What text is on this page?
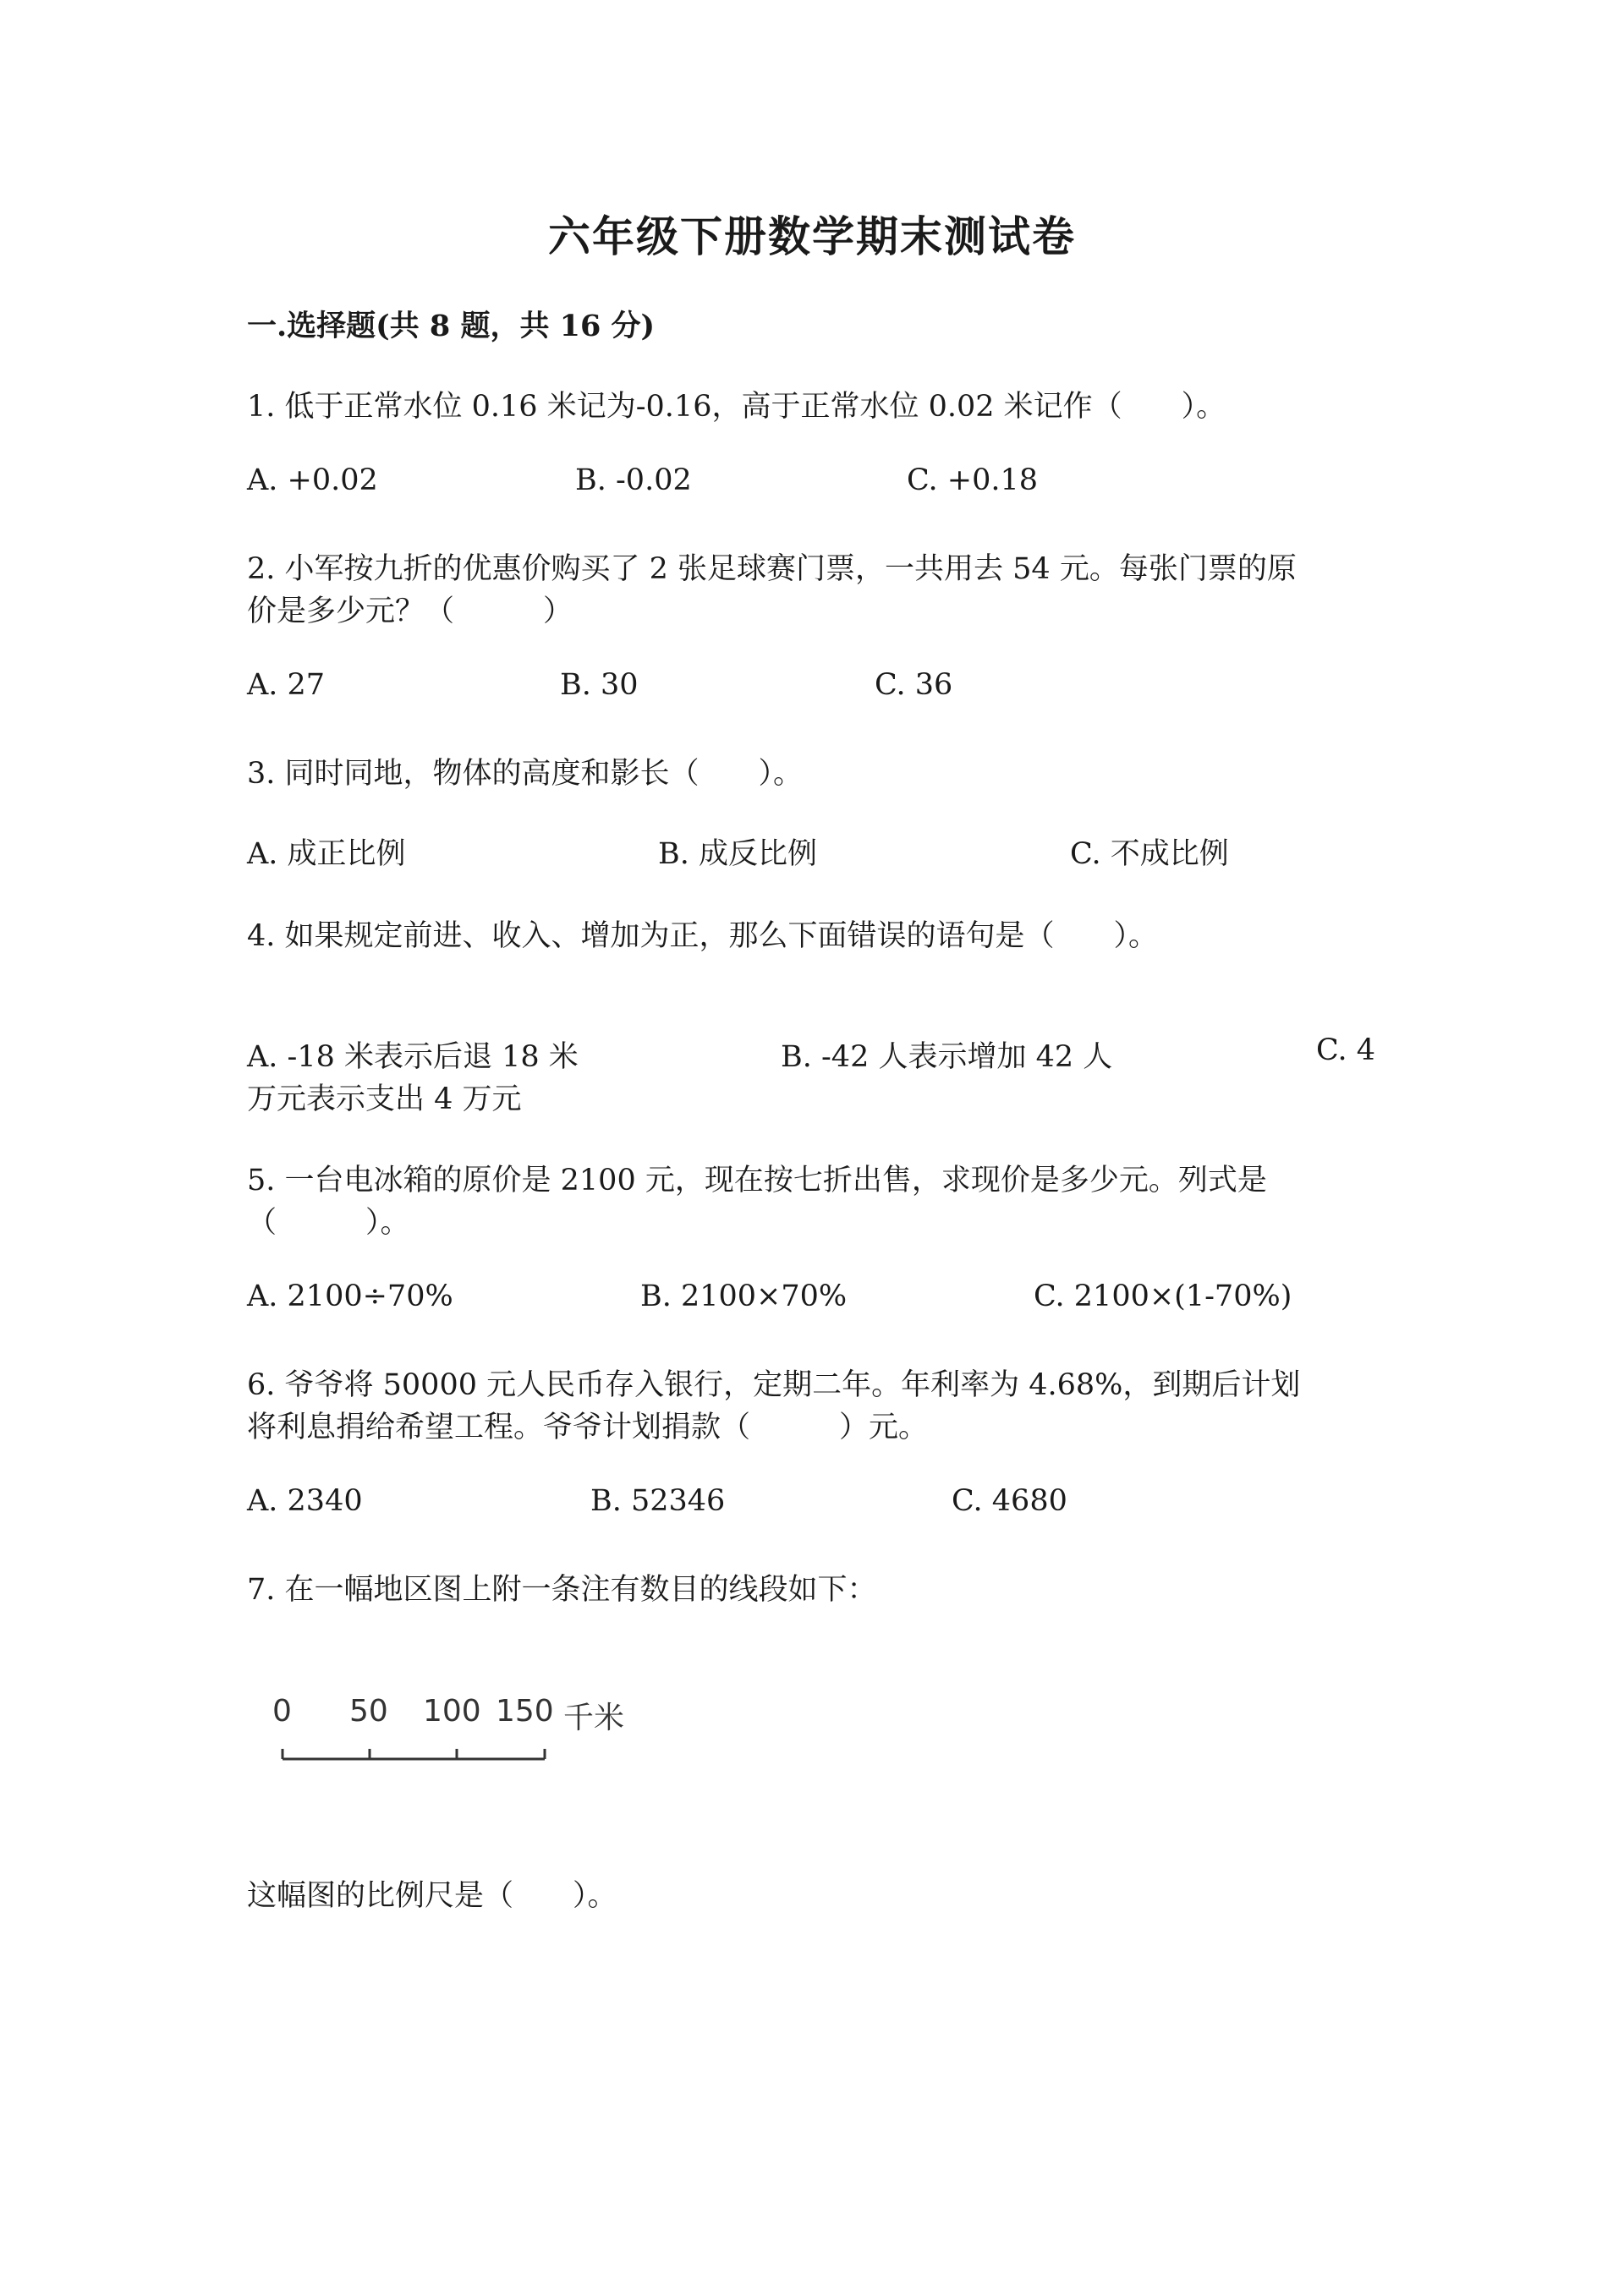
六年级下册数学期末测试卷
一.选择题(共 8 题，共 16 分)
1. 低于正常水位 0.16 米记为-0.16，高于正常水位 0.02 米记作（　　）。
A. +0.02	B. -0.02	C. +0.18
2. 小军按九折的优惠价购买了 2 张足球赛门票，一共用去 54 元。每张门票的原
价是多少元？（　　　）
A. 27	B. 30	C. 36
3. 同时同地，物体的高度和影长（　　）。
A. 成正比例	B. 成反比例	C. 不成比例
4. 如果规定前进、收入、增加为正，那么下面错误的语句是（　　）。
A. -18 米表示后退 18 米	B. -42 人表示增加 42 人	C. 4
万元表示支出 4 万元
5. 一台电冰箱的原价是 2100 元，现在按七折出售，求现价是多少元。列式是
（　　　）。
A. 2100÷70%	B. 2100×70%	C. 2100×(1-70%)
6. 爷爷将 50000 元人民币存入银行，定期二年。年利率为 4.68%，到期后计划
将利息捐给希望工程。爷爷计划捐款（　　　）元。
A. 2340	B. 52346	C. 4680
7. 在一幅地区图上附一条注有数目的线段如下：
0 50 100 150 千米
这幅图的比例尺是（　　）。
